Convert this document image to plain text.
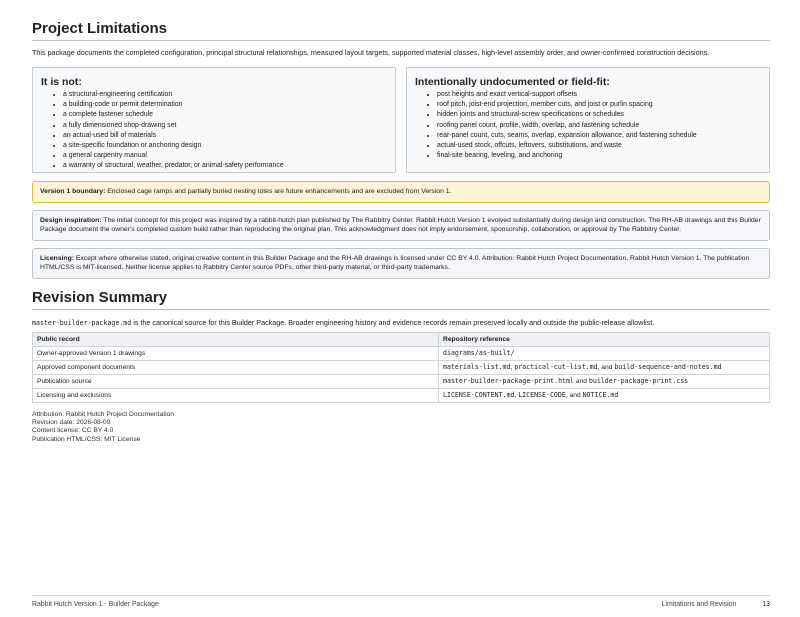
Project Limitations
This package documents the completed configuration, principal structural relationships, measured layout targets, supported material classes, high-level assembly order, and owner-confirmed construction decisions.
It is not:
• a structural-engineering certification
• a building-code or permit determination
• a complete fastener schedule
• a fully dimensioned shop-drawing set
• an actual-used bill of materials
• a site-specific foundation or anchoring design
• a general carpentry manual
• a warranty of structural, weather, predator, or animal-safety performance
Intentionally undocumented or field-fit:
• post heights and exact vertical-support offsets
• roof pitch, joist-end projection, member cuts, and joist or purlin spacing
• hidden joints and structural-screw specifications or schedules
• roofing panel count, profile, width, overlap, and fastening schedule
• rear-panel count, cuts, seams, overlap, expansion allowance, and fastening schedule
• actual-used stock, offcuts, leftovers, substitutions, and waste
• final-site bearing, leveling, and anchoring
Version 1 boundary: Enclosed cage ramps and partially buried nesting totes are future enhancements and are excluded from Version 1.
Design inspiration: The initial concept for this project was inspired by a rabbit-hutch plan published by The Rabbitry Center. Rabbit Hutch Version 1 evolved substantially during design and construction. The RH-AB drawings and this Builder Package document the owner's completed custom build rather than reproducing the original plan. This acknowledgment does not imply endorsement, sponsorship, collaboration, or approval by The Rabbitry Center.
Licensing: Except where otherwise stated, original creative content in this Builder Package and the RH-AB drawings is licensed under CC BY 4.0. Attribution: Rabbit Hutch Project Documentation, Rabbit Hutch Version 1. The publication HTML/CSS is MIT-licensed. Neither license applies to Rabbitry Center source PDFs, other third-party material, or third-party trademarks.
Revision Summary
master-builder-package.md is the canonical source for this Builder Package. Broader engineering history and evidence records remain preserved locally and outside the public-release allowlist.
Public record	Repository reference
Owner-approved Version 1 drawings	diagrams/as-built/
Approved component documents	materials-list.md, practical-cut-list.md, and build-sequence-and-notes.md
Publication source	master-builder-package-print.html and builder-package-print.css
Licensing and exclusions	LICENSE-CONTENT.md, LICENSE-CODE, and NOTICE.md
Attribution: Rabbit Hutch Project Documentation
Revision date: 2026-08-09
Content license: CC BY 4.0
Publication HTML/CSS: MIT License
Rabbit Hutch Version 1 - Builder Package	Limitations and Revision	13
